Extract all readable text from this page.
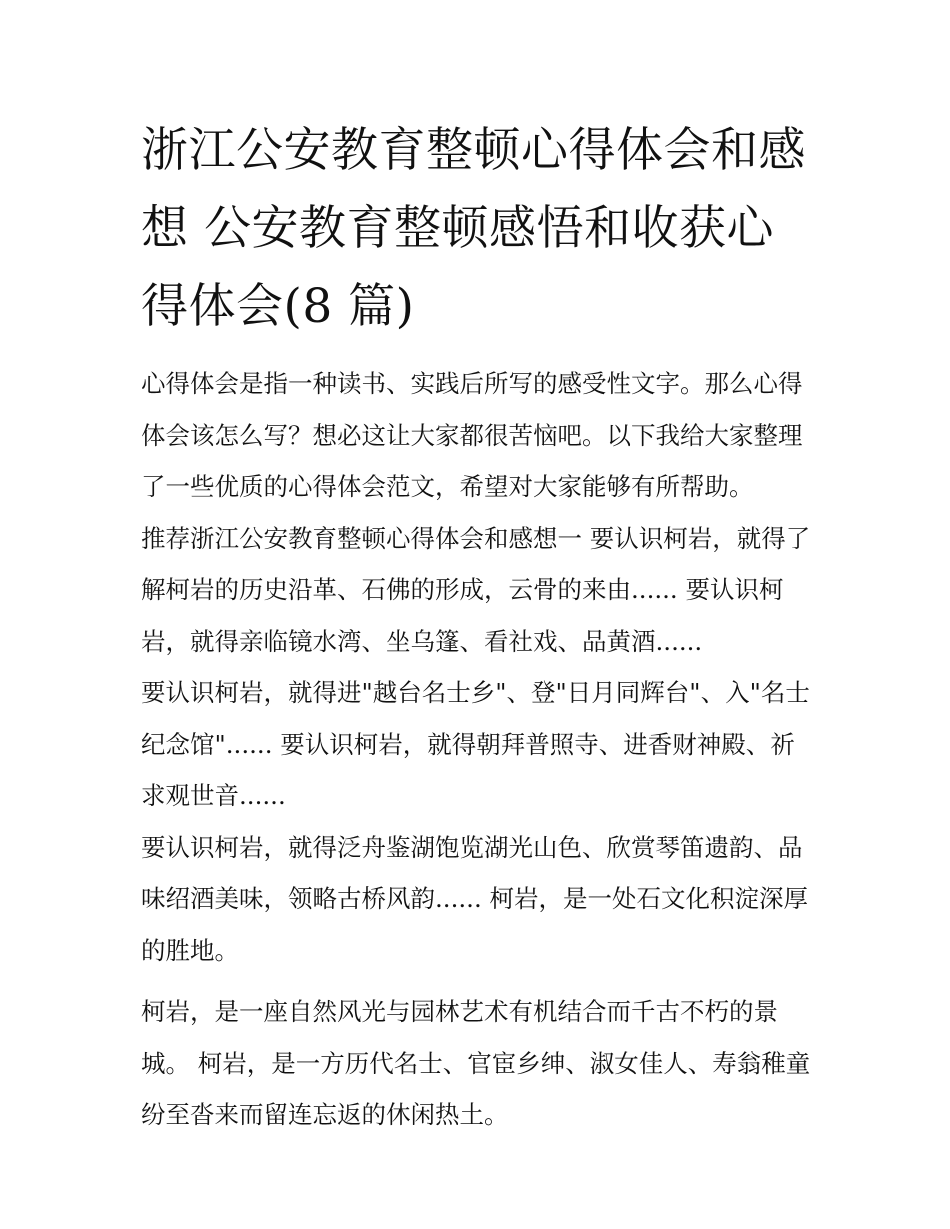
浙江公安教育整顿心得体会和感想 公安教育整顿感悟和收获心得体会(8 篇)

心得体会是指一种读书、实践后所写的感受性文字。那么心得体会该怎么写？想必这让大家都很苦恼吧。以下我给大家整理了一些优质的心得体会范文，希望对大家能够有所帮助。

推荐浙江公安教育整顿心得体会和感想一 要认识柯岩，就得了解柯岩的历史沿革、石佛的形成，云骨的来由...... 要认识柯岩，就得亲临镜水湾、坐乌篷、看社戏、品黄酒......

要认识柯岩，就得进"越台名士乡"、登"日月同辉台"、入"名士纪念馆"...... 要认识柯岩，就得朝拜普照寺、进香财神殿、祈求观世音......

要认识柯岩，就得泛舟鉴湖饱览湖光山色、欣赏琴笛遗韵、品味绍酒美味，领略古桥风韵...... 柯岩，是一处石文化积淀深厚的胜地。

柯岩，是一座自然风光与园林艺术有机结合而千古不朽的景城。 柯岩，是一方历代名士、官宦乡绅、淑女佳人、寿翁稚童纷至沓来而留连忘返的休闲热土。
